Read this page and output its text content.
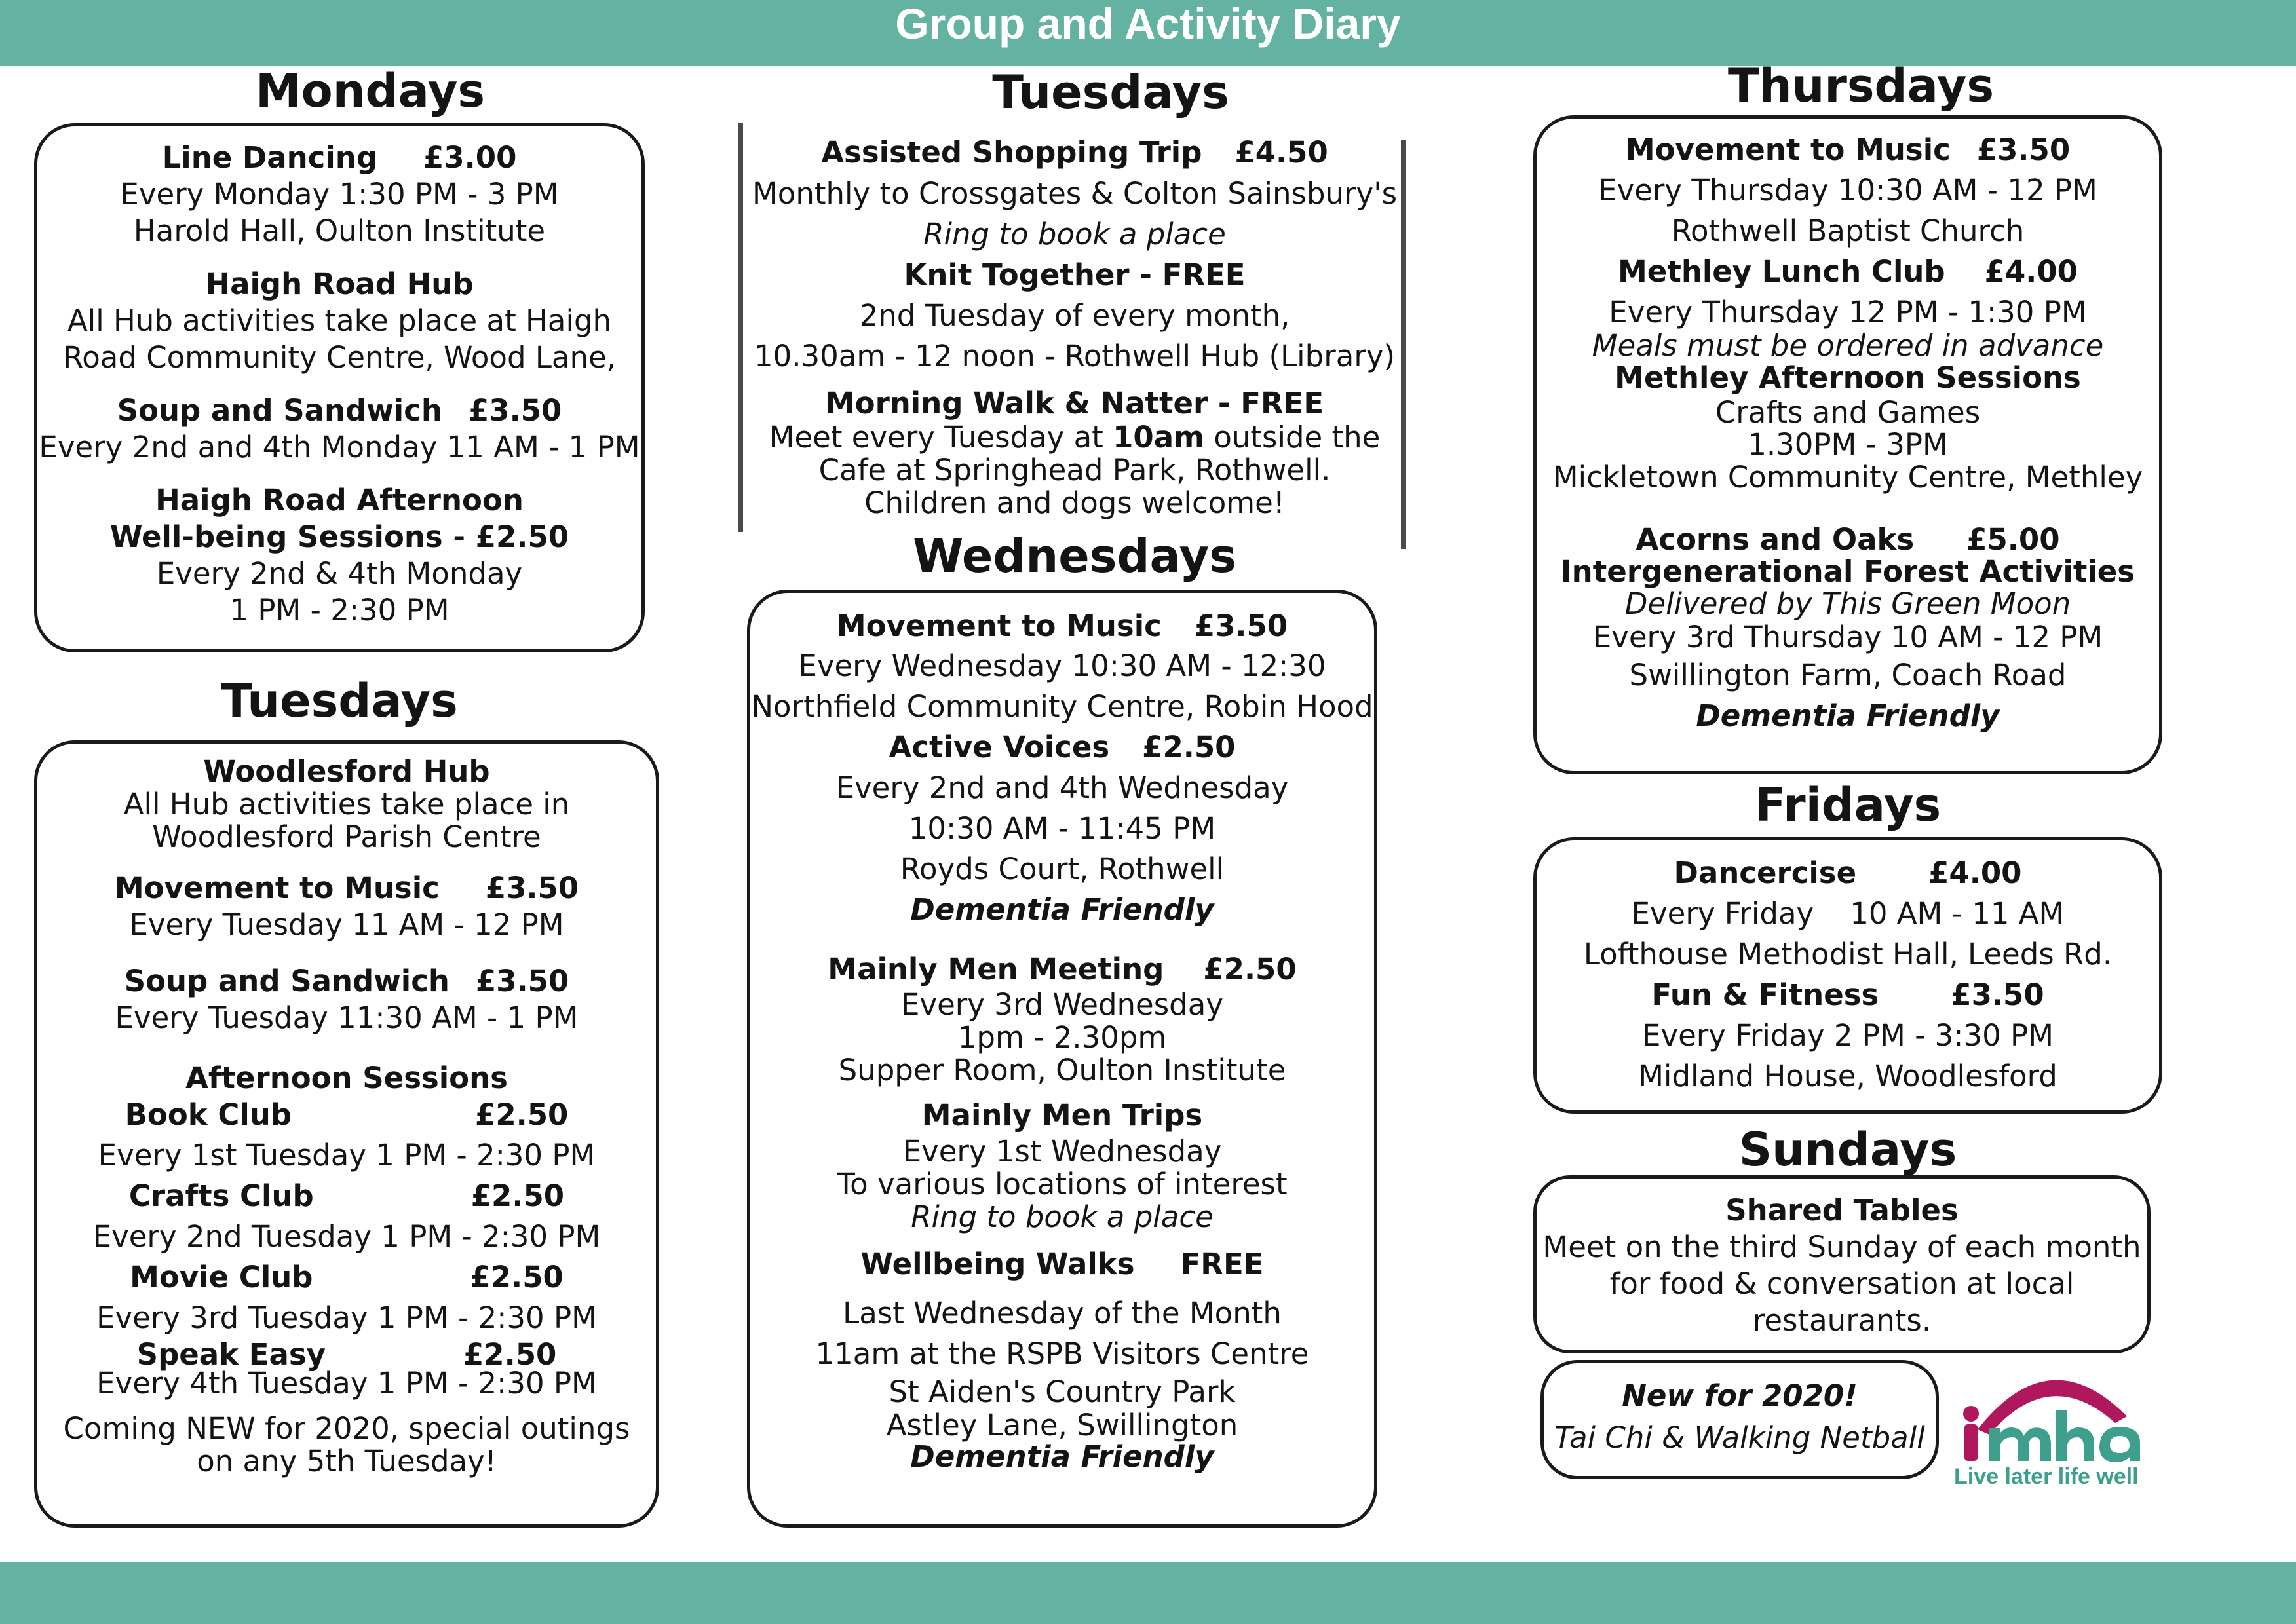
Group and Activity Diary
Mondays
Line Dancing £3.00
Every Monday 1:30 PM - 3 PM
Harold Hall, Oulton Institute
Haigh Road Hub
All Hub activities take place at Haigh
Road Community Centre, Wood Lane,
Soup and Sandwich £3.50
Every 2nd and 4th Monday 11 AM - 1 PM
Haigh Road Afternoon
Well-being Sessions - £2.50
Every 2nd & 4th Monday
1 PM - 2:30 PM
Tuesdays
Woodlesford Hub
All Hub activities take place in
Woodlesford Parish Centre
Movement to Music £3.50
Every Tuesday 11 AM - 12 PM
Soup and Sandwich £3.50
Every Tuesday 11:30 AM - 1 PM
Afternoon Sessions
Book Club	£2.50
Every 1st Tuesday 1 PM - 2:30 PM
Crafts Club	£2.50
Every 2nd Tuesday 1 PM - 2:30 PM
Movie Club	£2.50
Every 3rd Tuesday 1 PM - 2:30 PM
Speak Easy	£2.50
Every 4th Tuesday 1 PM - 2:30 PM
Coming NEW for 2020, special outings
on any 5th Tuesday!
Tuesdays
Assisted Shopping Trip £4.50
Monthly to Crossgates & Colton Sainsbury's
Ring to book a place
Knit Together - FREE
2nd Tuesday of every month,
10.30am - 12 noon - Rothwell Hub (Library)
Morning Walk & Natter - FREE
Meet every Tuesday at 10am outside the
Cafe at Springhead Park, Rothwell.
Children and dogs welcome!
Wednesdays
Movement to Music £3.50
Every Wednesday 10:30 AM - 12:30
Northfield Community Centre, Robin Hood
Active Voices £2.50
Every 2nd and 4th Wednesday
10:30 AM - 11:45 PM
Royds Court, Rothwell
Dementia Friendly
Mainly Men Meeting £2.50
Every 3rd Wednesday
1pm - 2.30pm
Supper Room, Oulton Institute
Mainly Men Trips
Every 1st Wednesday
To various locations of interest
Ring to book a place
Wellbeing Walks FREE
Last Wednesday of the Month
11am at the RSPB Visitors Centre
St Aiden's Country Park
Astley Lane, Swillington
Dementia Friendly
Thursdays
Movement to Music £3.50
Every Thursday 10:30 AM - 12 PM
Rothwell Baptist Church
Methley Lunch Club £4.00
Every Thursday 12 PM - 1:30 PM
Meals must be ordered in advance
Methley Afternoon Sessions
Crafts and Games
1.30PM - 3PM
Mickletown Community Centre, Methley
Acorns and Oaks £5.00
Intergenerational Forest Activities
Delivered by This Green Moon
Every 3rd Thursday 10 AM - 12 PM
Swillington Farm, Coach Road
Dementia Friendly
Fridays
Dancercise £4.00
Every Friday 10 AM - 11 AM
Lofthouse Methodist Hall, Leeds Rd.
Fun & Fitness £3.50
Every Friday 2 PM - 3:30 PM
Midland House, Woodlesford
Sundays
Shared Tables
Meet on the third Sunday of each month
for food & conversation at local
restaurants.
New for 2020!
Tai Chi & Walking Netball
Live later life well
